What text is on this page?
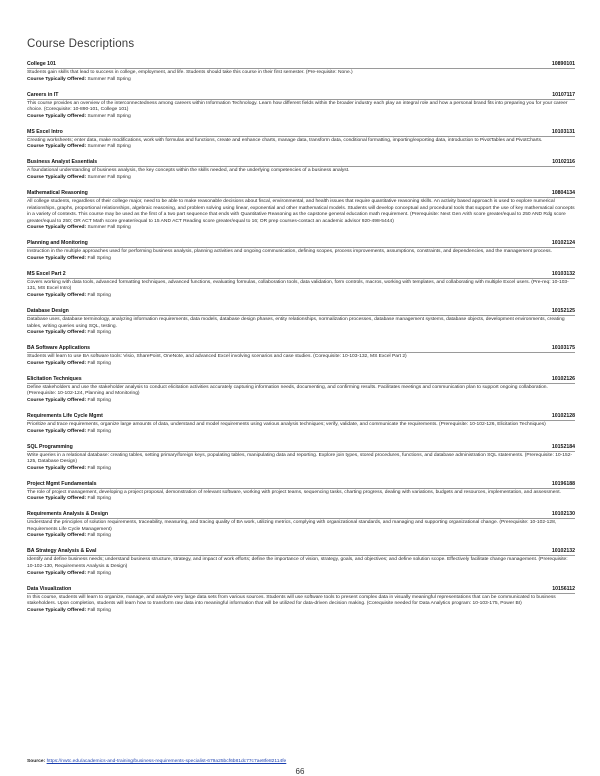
Course Descriptions
College 101	10890101
Students gain skills that lead to success in college, employment, and life. Students should take this course in their first semester. (Pre-requisite: None.)
Course Typically Offered: Summer Fall Spring
Careers in IT	10107117
This course provides an overview of the interconnectedness among careers within Information Technology. Learn how different fields within the broader industry each play an integral role and how a personal brand fits into preparing you for your career choice. (Corequisite: 10-890-101, College 101)
Course Typically Offered: Summer Fall Spring
MS Excel Intro	10103131
Creating worksheets; enter data, make modifications, work with formulas and functions, create and enhance charts, manage data, transform data, conditional formatting, importing/exporting data, introduction to PivotTables and PivotCharts.
Course Typically Offered: Summer Fall Spring
Business Analyst Essentials	10102116
A foundational understanding of business analysis, the key concepts within the skills needed, and the underlying competencies of a business analyst.
Course Typically Offered: Summer Fall Spring
Mathematical Reasoning	10804134
All college students, regardless of their college major, need to be able to make reasonable decisions about fiscal, environmental, and health issues that require quantitative reasoning skills. An activity based approach is used to explore numerical relationships, graphs, proportional relationships, algebraic reasoning, and problem solving using linear, exponential and other mathematical models. Students will develop conceptual and procedural tools that support the use of key mathematical concepts in a variety of contexts. This course may be used as the first of a two part sequence that ends with Quantitative Reasoning as the capstone general education math requirement. (Prerequisite: Next Gen Arith score greater/equal to 250 AND Rdg score greater/equal to 250; OR ACT Math score greater/equal to 15 AND ACT Reading score greater/equal to 16; OR prep courses-contact an academic advisor 920-498-5444)
Course Typically Offered: Summer Fall Spring
Planning and Monitoring	10102124
Instruction in the multiple approaches used for performing business analysis, planning activities and ongoing communication, defining scopes, process improvements, assumptions, constraints, and dependencies, and the management process.
Course Typically Offered: Fall Spring
MS Excel Part 2	10103132
Covers working with data tools, advanced formatting techniques, advanced functions, evaluating formulas, collaboration tools, data validation, form controls, macros, working with templates, and collaborating with multiple Excel users. (Pre-req: 10-103-131, MS Excel Intro)
Course Typically Offered: Fall Spring
Database Design	10152125
Database uses, database terminology, analyzing information requirements, data models, database design phases, entity relationships, normalization processes, database management systems, database objects, development environments, creating tables, writing queries using SQL, testing.
Course Typically Offered: Fall Spring
BA Software Applications	10103175
Students will learn to use BA software tools: Visio, SharePoint, OneNote, and advanced Excel involving scenarios and case studies. (Corequisite: 10-103-132, MS Excel Part 2)
Course Typically Offered: Fall Spring
Elicitation Techniques	10102126
Define stakeholders and use the stakeholder analysis to conduct elicitation activities accurately capturing information needs, documenting, and confirming results. Facilitates meetings and communication plan to support ongoing collaboration. (Prerequisite: 10-102-124, Planning and Monitoring)
Course Typically Offered: Fall Spring
Requirements Life Cycle Mgmt	10102128
Prioritize and trace requirements, organize large amounts of data, understand and model requirements using various analysis techniques; verify, validate, and communicate the requirements. (Prerequisite: 10-102-126, Elicitation Techniques)
Course Typically Offered: Fall Spring
SQL Programming	10152184
Write queries in a relational database: creating tables, setting primary/foreign keys, populating tables, manipulating data and reporting. Explore join types, stored procedures, functions, and database administration SQL statements. (Prerequisite: 10-152-125, Database Design)
Course Typically Offered: Fall Spring
Project Mgmt Fundamentals	10196188
The role of project management, developing a project proposal, demonstration of relevant software, working with project teams, sequencing tasks, charting progress, dealing with variations, budgets and resources, implementation, and assessment.
Course Typically Offered: Fall Spring
Requirements Analysis & Design	10102130
Understand the principles of solution requirements, traceability, measuring, and tracing quality of BA work, utilizing metrics, complying with organizational standards, and managing and supporting organizational change. (Prerequisite: 10-102-128, Requirements Life Cycle Management)
Course Typically Offered: Fall Spring
BA Strategy Analysis & Eval	10102132
Identify and define business needs; understand business structure, strategy, and impact of work efforts; define the importance of vision, strategy, goals, and objectives; and define solution scope. Effectively facilitate change management. (Prerequisite: 10-102-130, Requirements Analysis & Design)
Course Typically Offered: Fall Spring
Data Visualization	10156112
In this course, students will learn to organize, manage, and analyze very large data sets from various sources. Students will use software tools to present complex data in visually meaningful representations that can be communicated to business stakeholders. Upon completion, students will learn how to transform raw data into meaningful information that will be utilized for data-driven decision making. (Corequisite needed for Data Analytics program: 10-103-175, Power BI)
Course Typically Offered: Fall Spring
Source: https://nwtc.edu/academics-and-training/business-requirements-specialist-679a25bcf6b81dc77c7ae8fe82114fe
66
